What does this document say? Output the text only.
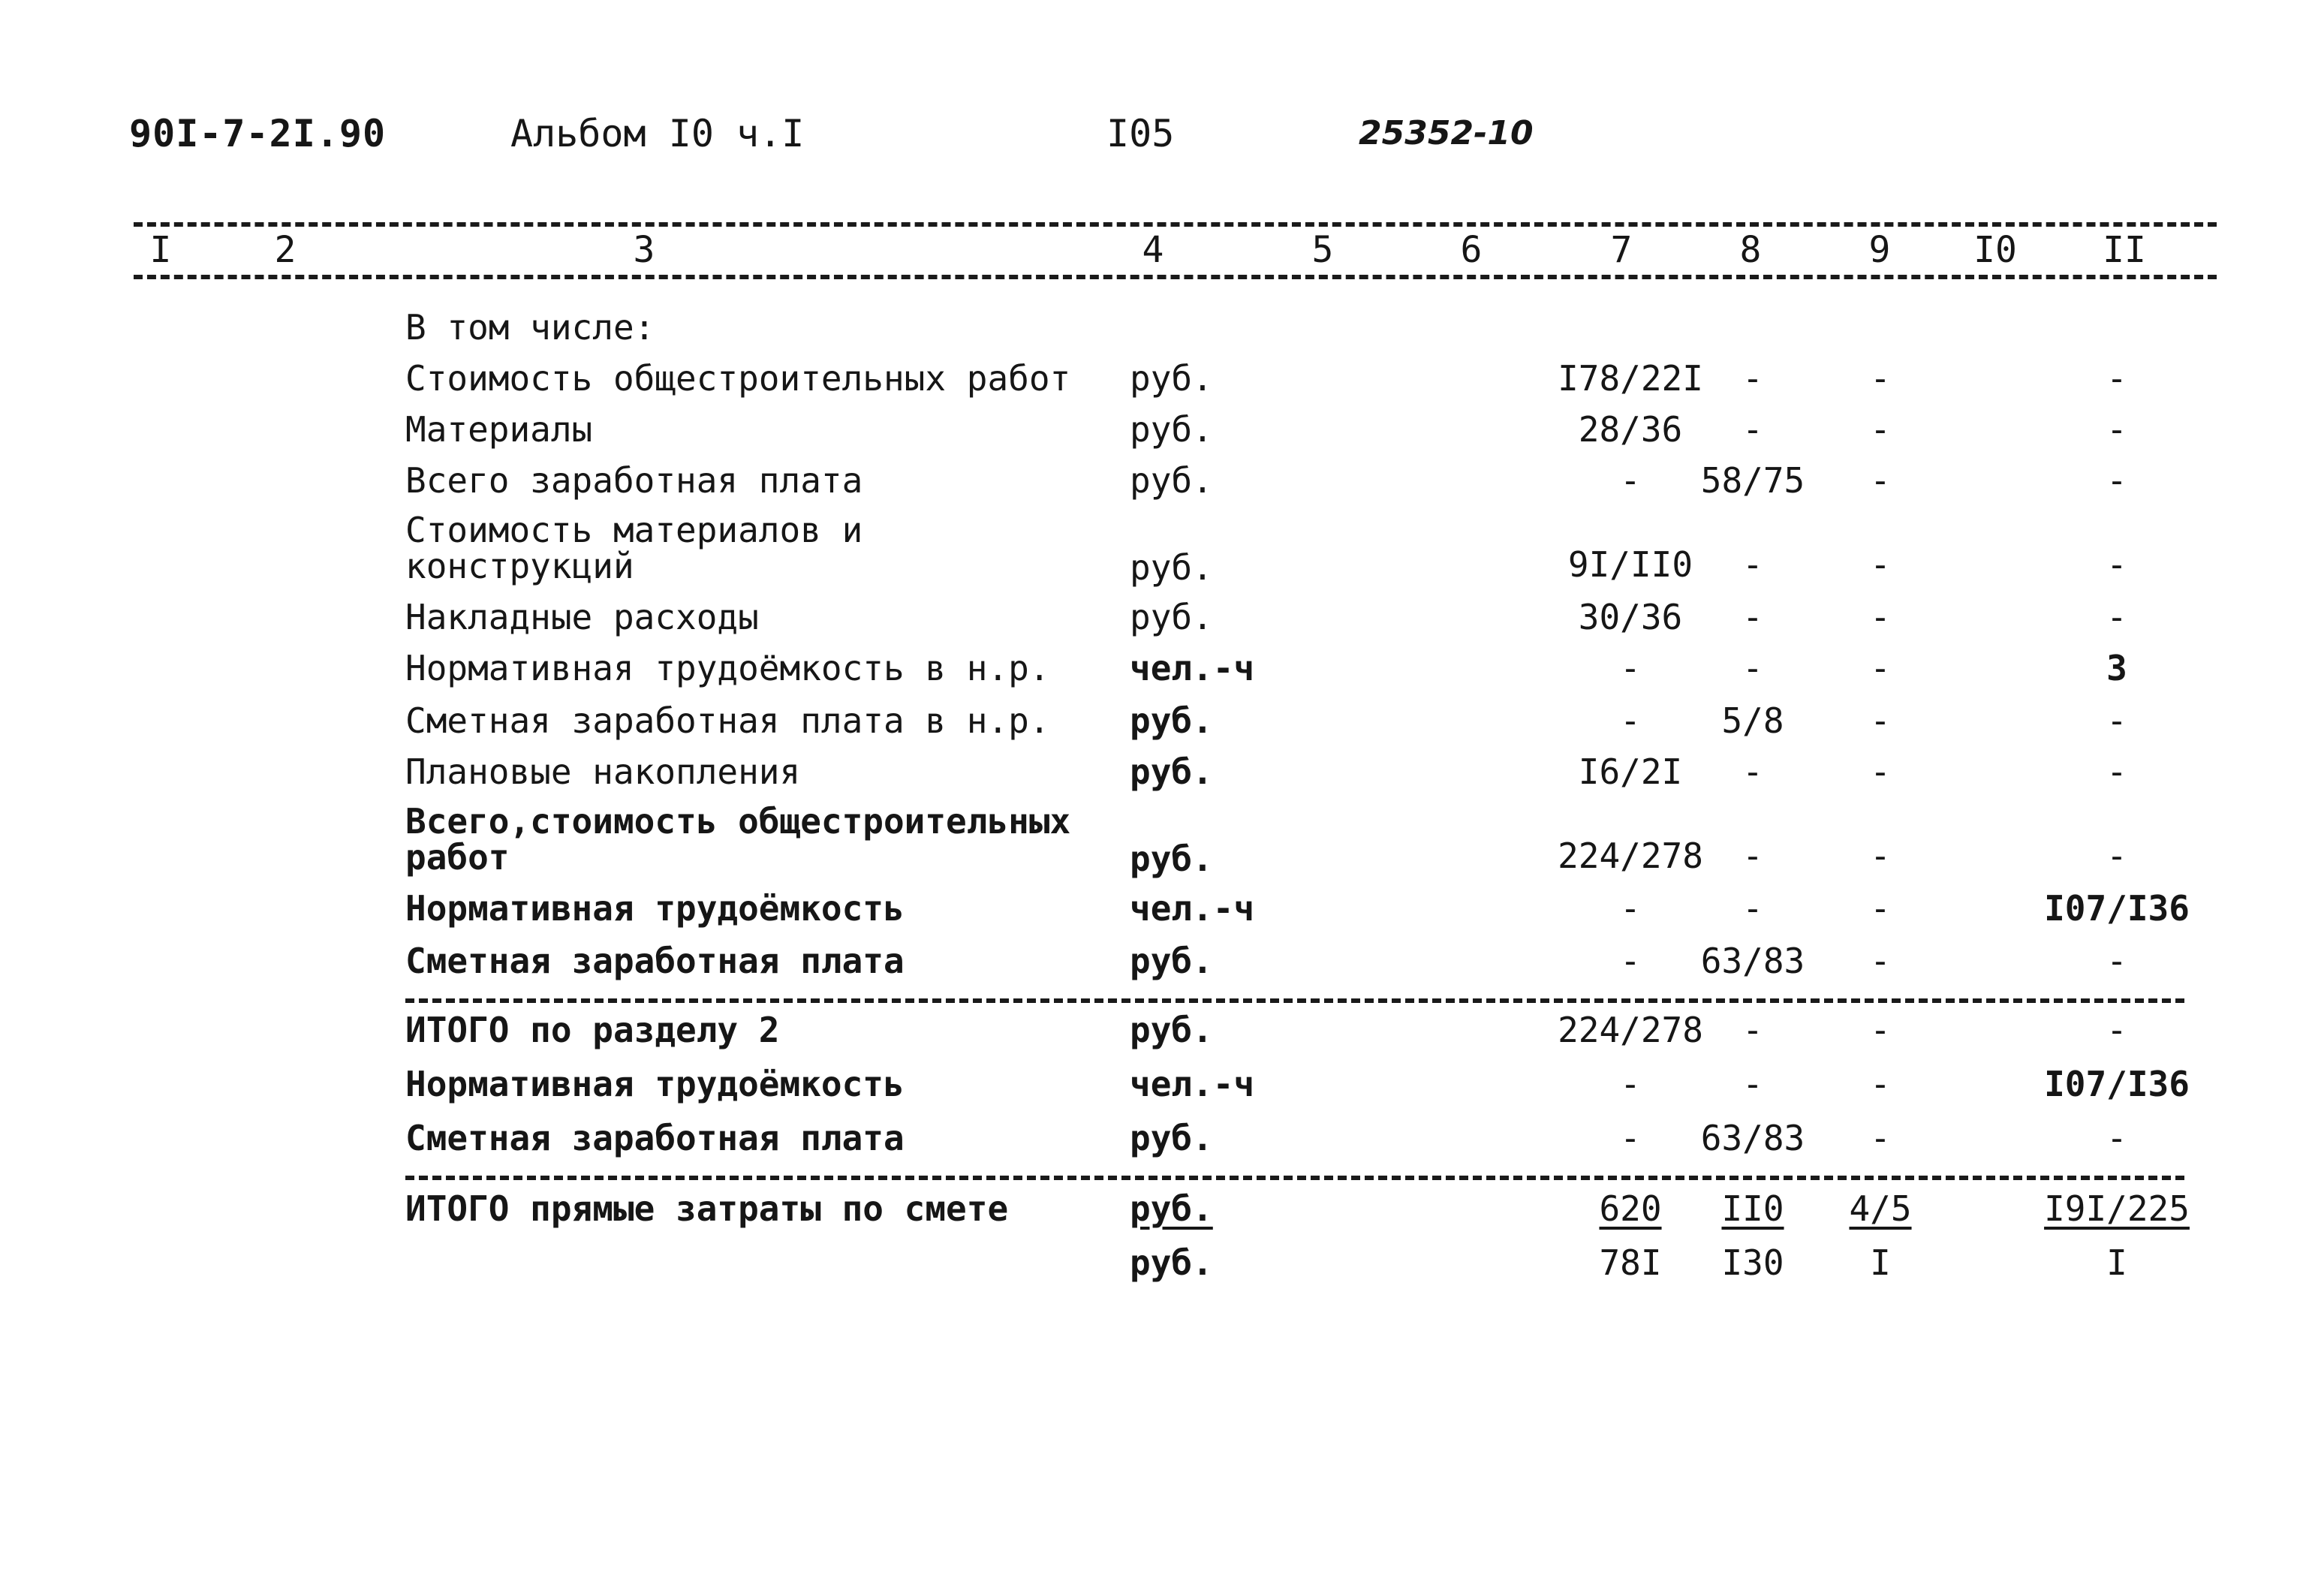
90I-7-2I.90	Альбом I0 ч.I	I05	25352-10
I	2	3	4	5	6	7	8	9	I0 II
В том числе:
Стоимость общестроительных работ	руб.	I78/22I	-	-	-
Материалы	руб.	28/36	-	-	-
Всего заработная плата	руб.	-	58/75	-	-
Стоимость материалов и конструкций	руб.	9I/II0	-	-	-
Накладные расходы	руб.	30/36	-	-	-
Нормативная трудоёмкость в н.р.	чел.-ч	-	-	-	3
Сметная заработная плата в н.р.	руб.	-	5/8	-	-
Плановые накопления	руб.	I6/2I	-	-	-
Всего,стоимость общестроительных работ	руб.	224/278	-	-	-
Нормативная трудоёмкость	чел.-ч	-	-	-	I07/I36
Сметная заработная плата	руб.	-	63/83	-	-
ИТОГО по разделу 2	руб.	224/278	-	-	-
Нормативная трудоёмкость	чел.-ч	-	-	-	I07/I36
Сметная заработная плата	руб.	-	63/83	-	-
ИТОГО прямые затраты по смете	руб.	620	II0	4/5	I9I/225
руб.	78I	I30	I	I
